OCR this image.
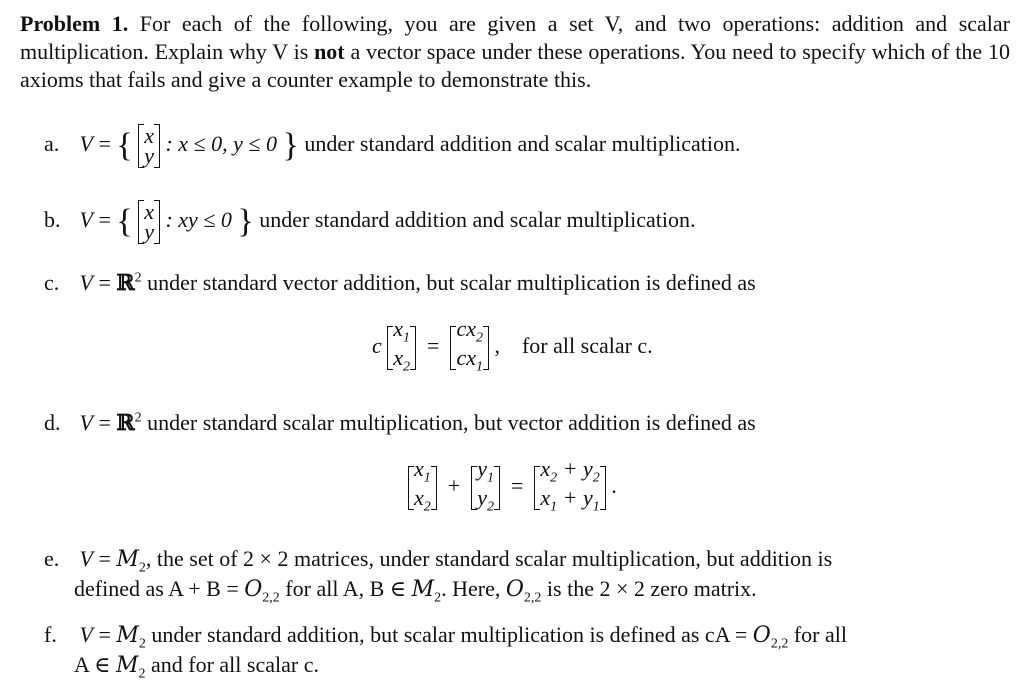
Problem 1. For each of the following, you are given a set V, and two operations: addition and scalar multiplication. Explain why V is not a vector space under these operations. You need to specify which of the 10 axioms that fails and give a counter example to demonstrate this.
a. V = { x
y : x ≤ 0, y ≤ 0 } under standard addition and scalar multiplication.
b. V = { x
y : xy ≤ 0 } under standard addition and scalar multiplication.
c. V = ℝ$^2$ under standard vector addition, but scalar multiplication is defined as
c
$x_1$
$x_2$
=
$cx_2$
$cx_1$
,    for all scalar c.
d. V = ℝ$^2$ under standard scalar multiplication, but vector addition is defined as
$x_1$
$x_2$
+
$y_1$
$y_2$
=
$x_2 + y_2$
$x_1 + y_1$
.
e. $V = M_2$, the set of 2 × 2 matrices, under standard scalar multiplication, but addition is
defined as $A + B = O_{2,2}$ for all A, B ∈ $M_2$. Here, $O_{2,2}$ is the 2 × 2 zero matrix.
f. $V = M_2$ under standard addition, but scalar multiplication is defined as cA = $O_{2,2}$ for all
A ∈ $M_2$ and for all scalar c.
